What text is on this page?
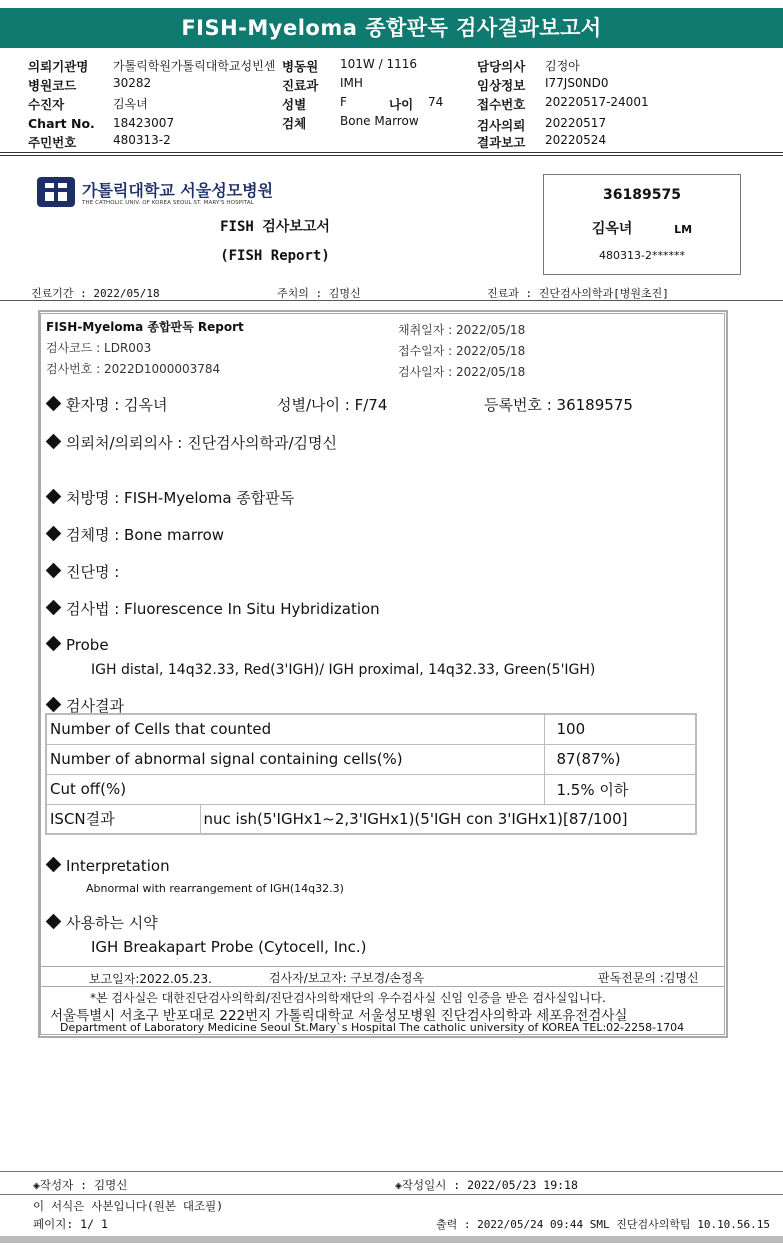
FISH-Myeloma 종합판독 검사결과보고서
의뢰기관명 가톨릭학원가톨릭대학교성빈센 병동원 101W / 1116	담당의사 김정아
병원코드	30282	진료과 IMH	임상정보 I77JS0ND0
수진자	김옥녀	성별	F	나이 74	접수번호 20220517-24001
Chart No. 18423007	검체	Bone Marrow	검사의뢰 20220517
주민번호	480313-2	결과보고 20220524
가톨릭대학교 서울성모병원
THE CATHOLIC UNIV. OF KOREA SEOUL ST. MARY'S HOSPITAL
FISH 검사보고서
(FISH Report)
36189575
김옥녀	LM
480313-2******
진료기간 : 2022/05/18	주치의 : 김명신	진료과 : 진단검사의학과[병원초진]
FISH-Myeloma 종합판독 Report
검사코드 : LDR003
검사번호 : 2022D1000003784
채취일자 : 2022/05/18
접수일자 : 2022/05/18
검사일자 : 2022/05/18
환자명 : 김옥녀	성별/나이 : F/74	등록번호 : 36189575
의뢰처/의뢰의사 : 진단검사의학과/김명신
처방명 : FISH-Myeloma 종합판독
검체명 : Bone marrow
진단명 :
검사법 : Fluorescence In Situ Hybridization
Probe
IGH distal, 14q32.33, Red(3'IGH)/ IGH proximal, 14q32.33, Green(5'IGH)
검사결과
Number of Cells that counted		100
Number of abnormal signal containing cells(%)		87(87%)
Cut off(%)		1.5% 이하
ISCN결과	nuc ish(5'IGHx1~2,3'IGHx1)(5'IGH con 3'IGHx1)[87/100]	
Interpretation
Abnormal with rearrangement of IGH(14q32.3)
사용하는 시약
IGH Breakapart Probe (Cytocell, Inc.)
보고일자:2022.05.23.	검사자/보고자: 구보경/손정옥	판독전문의 :김명신
*본 검사실은 대한진단검사의학회/진단검사의학재단의 우수검사실 신임 인증을 받은 검사실입니다.
서울특별시 서초구 반포대로 222번지 가톨릭대학교 서울성모병원 진단검사의학과 세포유전검사실
Department of Laboratory Medicine Seoul St.Mary`s Hospital The catholic university of KOREA TEL:02-2258-1704
◈작성자 : 김명신	◈작성일시 : 2022/05/23 19:18
이 서식은 사본입니다(원본 대조필)
페이지: 1/ 1	출력 : 2022/05/24 09:44 SML 진단검사의학팀 10.10.56.15
